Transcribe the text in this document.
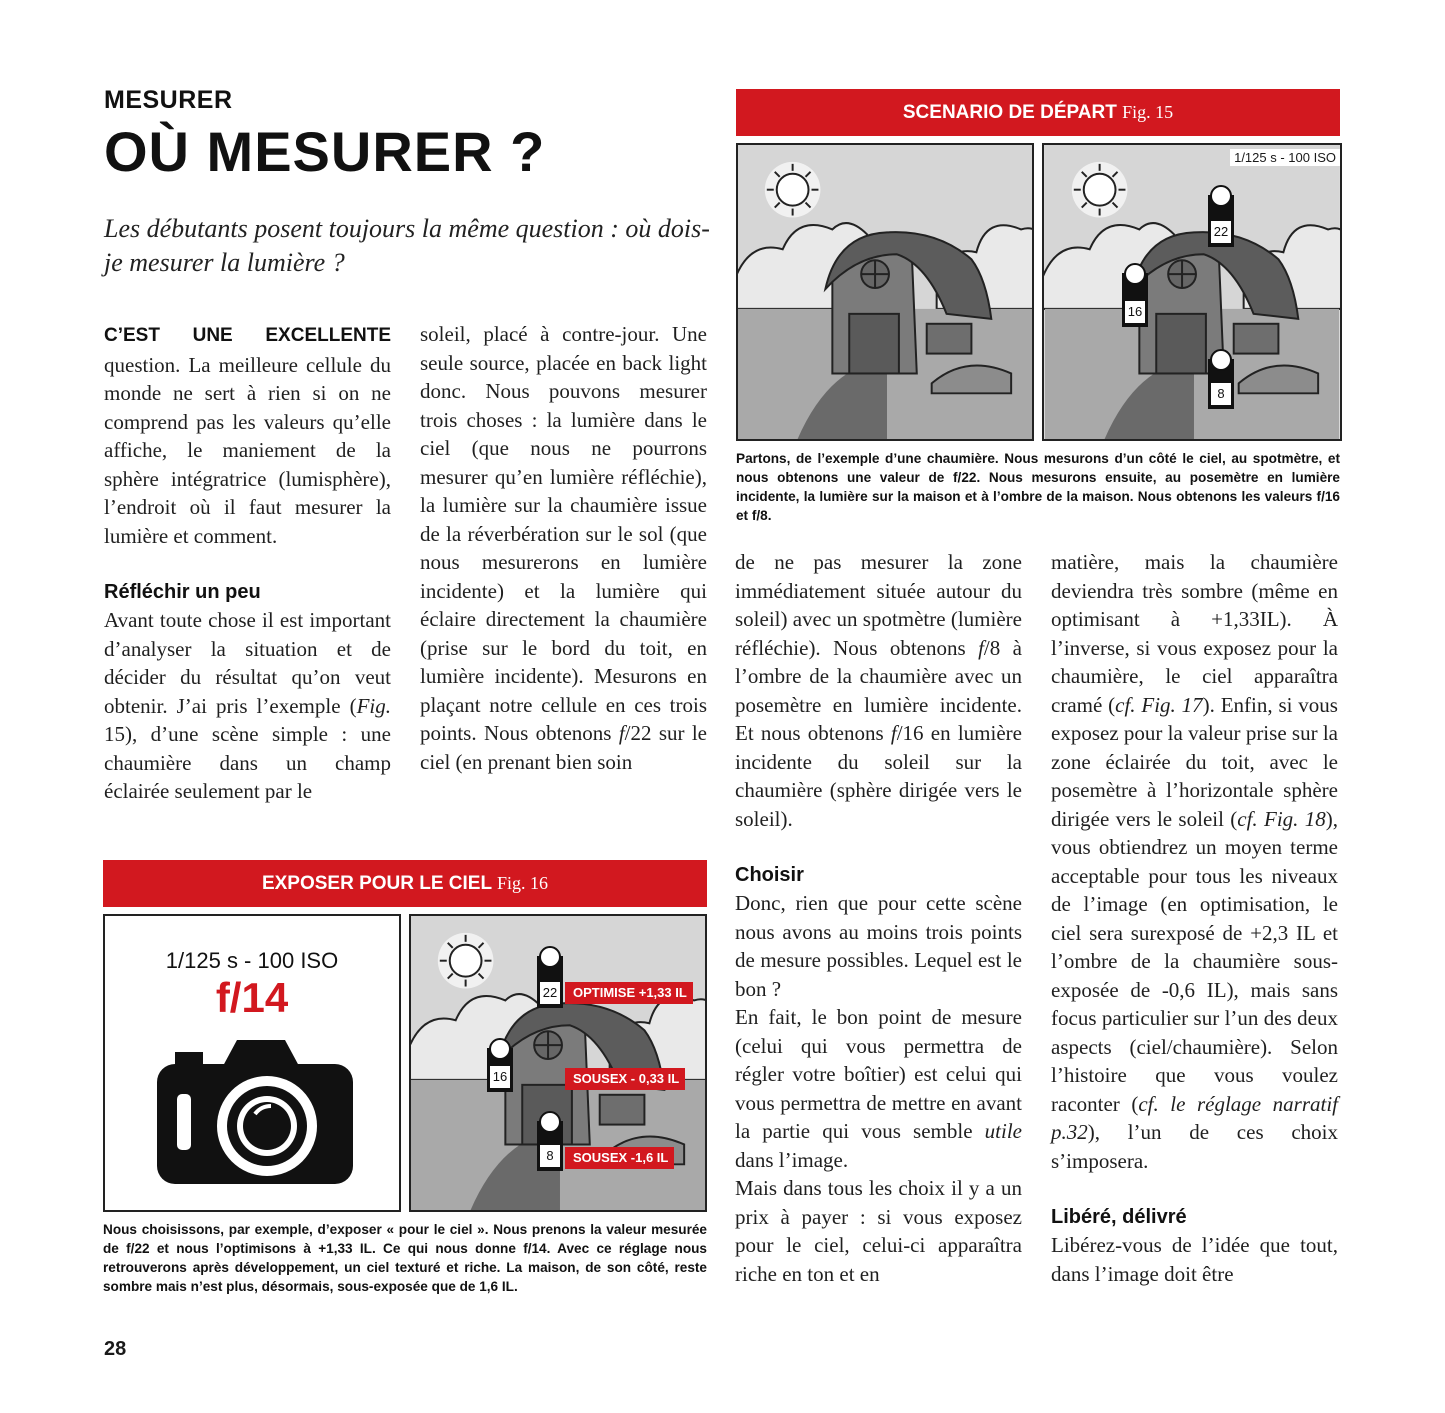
MESURER
OÙ MESURER ?
Les débutants posent toujours la même question : où dois-je mesurer la lumière ?

C’EST UNE EXCELLENTE question. La meilleure cellule du monde ne sert à rien si on ne comprend pas les valeurs qu’elle affiche, le maniement de la sphère intégratrice (lumisphère), l’endroit où il faut mesurer la lumière et comment.

Réfléchir un peu

Avant toute chose il est important d’analyser la situation et de décider du résultat qu’on veut obtenir. J’ai pris l’exemple (Fig. 15), d’une scène simple : une chaumière dans un champ éclairée seulement par le

soleil, placé à contre-jour. Une seule source, placée en back light donc. Nous pouvons mesurer trois choses : la lumière dans le ciel (que nous ne pourrons mesurer qu’en lumière réfléchie), la lumière sur la chaumière issue de la réverbération sur le sol (que nous mesurerons en lumière incidente) et la lumière qui éclaire directement la chaumière (prise sur le bord du toit, en lumière incidente). Mesurons en plaçant notre cellule en ces trois points. Nous obtenons f/22 sur le ciel (en prenant bien soin

de ne pas mesurer la zone immédiatement située autour du soleil) avec un spotmètre (lumière réfléchie). Nous obtenons f/8 à l’ombre de la chaumière avec un posemètre en lumière incidente. Et nous obtenons f/16 en lumière incidente du soleil sur la chaumière (sphère dirigée vers le soleil).

Choisir

Donc, rien que pour cette scène nous avons au moins trois points de mesure possibles. Lequel est le bon ?

En fait, le bon point de mesure (celui qui vous permettra de régler votre boîtier) est celui qui vous permettra de mettre en avant la partie qui vous semble utile dans l’image.

Mais dans tous les choix il y a un prix à payer : si vous exposez pour le ciel, celui-ci apparaîtra riche en ton et en

matière, mais la chaumière deviendra très sombre (même en optimisant à +1,33IL). À l’inverse, si vous exposez pour la chaumière, le ciel apparaîtra cramé (cf. Fig. 17). Enfin, si vous exposez pour la valeur prise sur la zone éclairée du toit, avec le posemètre à l’horizontale sphère dirigée vers le soleil (cf. Fig. 18), vous obtiendrez un moyen terme acceptable pour tous les niveaux de l’image (en optimisation, le ciel sera surexposé de +2,3 IL et l’ombre de la chaumière sous-exposée de -0,6 IL), mais sans focus particulier sur l’un des deux aspects (ciel/chaumière). Selon l’histoire que vous voulez raconter (cf. le réglage narratif p.32), l’un de ces choix s’imposera.

Libéré, délivré

Libérez-vous de l’idée que tout, dans l’image doit être

SCENARIO DE DÉPART Fig. 15
1/125 s - 100 ISO
22
16
8
Partons, de l’exemple d’une chaumière. Nous mesurons d’un côté le ciel, au spotmètre, et nous obtenons une valeur de f/22. Nous mesurons ensuite, au posemètre en lumière incidente, la lumière sur la maison et à l’ombre de la maison. Nous obtenons les valeurs f/16 et f/8.
EXPOSER POUR LE CIEL Fig. 16
1/125 s - 100 ISO
f/14	22	OPTIMISE +1,33 IL
16	SOUSEX - 0,33 IL
8	SOUSEX -1,6 IL
Nous choisissons, par exemple, d’exposer « pour le ciel ». Nous prenons la valeur mesurée de f/22 et nous l’optimisons à +1,33 IL. Ce qui nous donne f/14. Avec ce réglage nous retrouverons après développement, un ciel texturé et riche. La maison, de son côté, reste sombre mais n’est plus, désormais, sous-exposée que de 1,6 IL.
28
